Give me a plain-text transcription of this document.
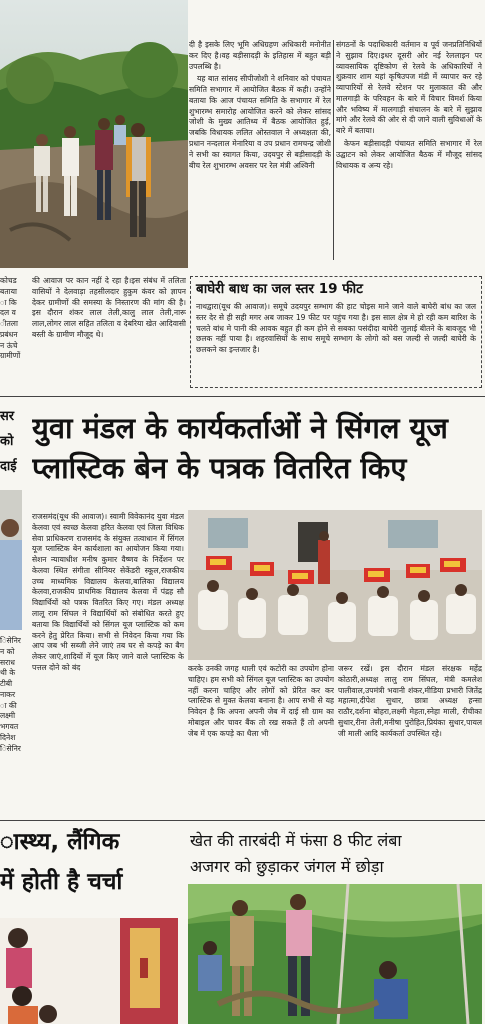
दी है इसके लिए भूमि अधिग्रहण अधिकारी मनोनीत कर दिए है।वह बड़ीसादड़ी के इतिहास में बहुत बड़ी उपलब्धि है।

यह बात सांसद सीपीजोशी ने शनिवार को पंचायत समिति सभागार में आयोजित बैठक में कही। उन्होंने बताया कि आज पंचायत समिति के सभागार में रेल शुभारम्भ समारोह आयोजित करने को लेकर सांसद जोशी के मुख्य आतिथ्य में बैठक आयोजित हुई, जबकि विधायक ललित ओस्तवाल ने अध्यक्षता की, प्रधान नन्दलाल मेनारिया व उप प्रधान रामचन्द्र जोशी ने सभी का स्वागत किया, उदयपुर से बड़ीसादड़ी के बीच रेल शुभारम्भ अवसर पर रेल मंत्री अश्विनी

संगठनों के पदाधिकारी वर्तमान व पूर्व जनप्रतिनिधियों ने सुझाव दिए।इधर दूसरी ओर नई रेललाइन पर व्यावसायिक दृष्टिकोण से रेलवे के अधिकारियों ने शुक्रवार शाम यहां कृषिउपज मंडी में व्यापार कर रहे व्यापारियों से रेलवे स्टेशन पर मुलाकात की और मालगाड़ी के परिवहन के बारे में विचार विमर्श किया और भविष्य में मालगाड़ी संचालन के बारे में सुझाव मांगे और रेलवे की ओर से दी जाने वाली सुविधाओं के बारे में बताया।

केफन बड़ीसादड़ी पंचायत समिति सभागार में रेल उद्घाटन को लेकर आयोजित बैठक में मौजूद सांसद विधायक व अन्य रहे।

कोचड
बताया
ा कि
दल व
ीतला
प्रबंधन
न ऊंचे
ग्रामीणों

की आवाज पर कान नहीं दे रहा है।इस संबंध में तलिता वासियों ने देलवाड़ा तहसीलदार हुकुम कंवर को ज्ञापन देकर ग्रामीणों की समस्या के निस्तारण की मांग की है। इस दौरान शंकर लाल तेली,कालु लाल तेली,नारू लाल,लोगर लाल सहित तलिता व देबरिया खेत आदिवासी बस्ती के ग्रामीण मौजूद थे।

बाघेरी बाध का जल स्तर 19 फीट
नाथद्वारा(यूथ की आवाज)। समूचे उदयपुर सम्भाग की हाट चोइस माने जाने वाले बाघेरी बांध का जल स्तर देर से ही सही मगर अब जाकर 19 फीट पर पहुंच गया है। इस साल क्षेत्र मे हो रही कम बारिश के चलते बांध मे पानी की आवक बहुत ही कम होने से सबका पसंदीदा बाघेरी जुलाई बीतने के बावजूद भी छलक नहीं पाया है। शहरवासियों के साथ समूचे सम्भाग के लोगो को बस जल्दी से जल्दी बाघेरी के छलकने का इन्तजार है।
सर
को
दाई
युवा मंडल के कार्यकर्ताओं ने सिंगल यूज
प्लास्टिक बेन के पत्रक वितरित किए
िसेनिर
न को
सराध
थी के
टीबी
नाकर
ा की
लक्ष्मी
भगवत
दिनेश
िसेनिर

राजसमंद(यूथ की आवाज)। स्वामी विवेकानंद युवा मंडल केलवा एवं स्वच्छ केलवा हरित केलवा एवं जिला विधिक सेवा प्राधिकरण राजसमंद के संयुक्त तत्वाधान में सिंगल यूज प्लास्टिक बेन कार्यशाला का आयोजन किया गया। सेशन न्यायाधीश मनीष कुमार वैष्णव के निर्देशन पर केलवा स्थित संगीता सीनियर सेकेंडरी स्कूल,राजकीय उच्च माध्यमिक विद्यालय केलवा,बालिका विद्यालय केलवा,राजकीय प्राथमिक विद्यालय केलवा में पंद्रह सौ विद्यार्थियों को पत्रक वितरित किए गए। मंडल अध्यक्ष लालू राम सिंघल ने विद्यार्थियों को संबोधित करते हुए बताया कि विद्यार्थियों को सिंगल यूज प्लास्टिक को कम करने हेतु प्रेरित किया। सभी से निवेदन किया गया कि आप जब भी सब्जी लेने जाएं तब घर से कपड़े का बैग लेकर जाएं,शादियों में यूज किए जाने वाले प्लास्टिक के पत्तल दोने को बंद	करके उनकी जगह थाली एवं कटोरी का उपयोग होना चाहिए। हम सभी को सिंगल यूज प्लास्टिक का उपयोग नहीं करना चाहिए और लोगों को प्रेरित कर कर प्लास्टिक से मुक्त केलवा बनाना है। आप सभी से यह निवेदन है कि अपना अपनी जेब में दाई सौ ग्राम का मोबाइल और चावर बैंक तो रख सकते हैं तो अपनी जेब में एक कपड़े का थैला भी

जरूर रखें। इस दौरान मंडल संरक्षक महेंद्र कोठारी,अध्यक्ष लालु राम सिंघल, मंत्री कमलेश पालीवाल,उपमंत्री भवानी शंकर,मीडिया प्रभारी जितेंद्र महात्मा,दीपेश सुथार, छात्रा अध्यक्ष हन्सा राठौर,दर्शना बोहरा,लक्ष्मी मेहता,स्नेहा माली, रीचीका सुथार,रीना तेली,मनीषा पुरोहित,प्रियंका सुथार,पायल जी माली आदि कार्यकर्ता उपस्थित रहे।

ास्थ्य, लैंगिक
में होती है चर्चा
खेत की तारबंदी में फंसा 8 फीट लंबा
अजगर को छुड़ाकर जंगल में छोड़ा
